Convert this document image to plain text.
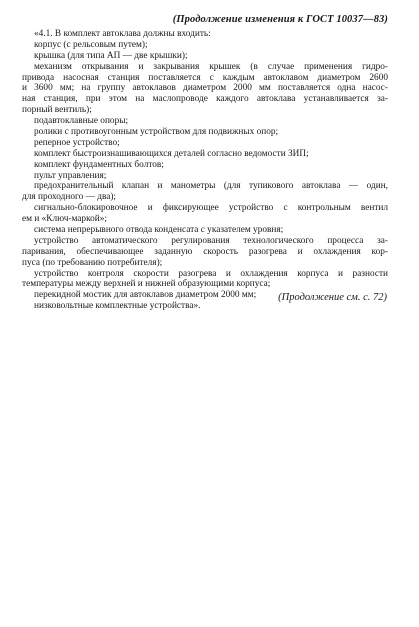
(Продолжение изменения к ГОСТ 10037—83)
«4.1. В комплект автоклава должны входить:
корпус (с рельсовым путем);
крышка (для типа АП — две крышки);
механизм открывания и закрывания крышек (в случае применения гидро-
привода насосная станция поставляется с каждым автоклавом диаметром 2600
и 3600 мм; на группу автоклавов диаметром 2000 мм поставляется одна насос-
ная станция, при этом на маслопроводе каждого автоклава устанавливается за-
порный вентиль);
подавтоклавные опоры;
ролики с противоугонным устройством для подвижных опор;
реперное устройство;
комплект быстроизнашивающихся деталей согласно ведомости ЗИП;
комплект фундаментных болтов;
пульт управления;
предохранительный клапан и манометры (для тупикового автоклава — один,
для проходного — два);
сигнально-блокировочное и фиксирующее устройство с контрольным вентил
ем и «Ключ-маркой»;
система непрерывного отвода конденсата с указателем уровня;
устройство автоматического регулирования технологического процесса за-
паривания, обеспечивающее заданную скорость разогрева и охлаждения кор-
пуса (по требованию потребителя);
устройство контроля скорости разогрева и охлаждения корпуса и разности
температуры между верхней и нижней образующими корпуса;
перекидной мостик для автоклавов диаметром 2000 мм;
низковольтные комплектные устройства».
(Продолжение см. с. 72)
